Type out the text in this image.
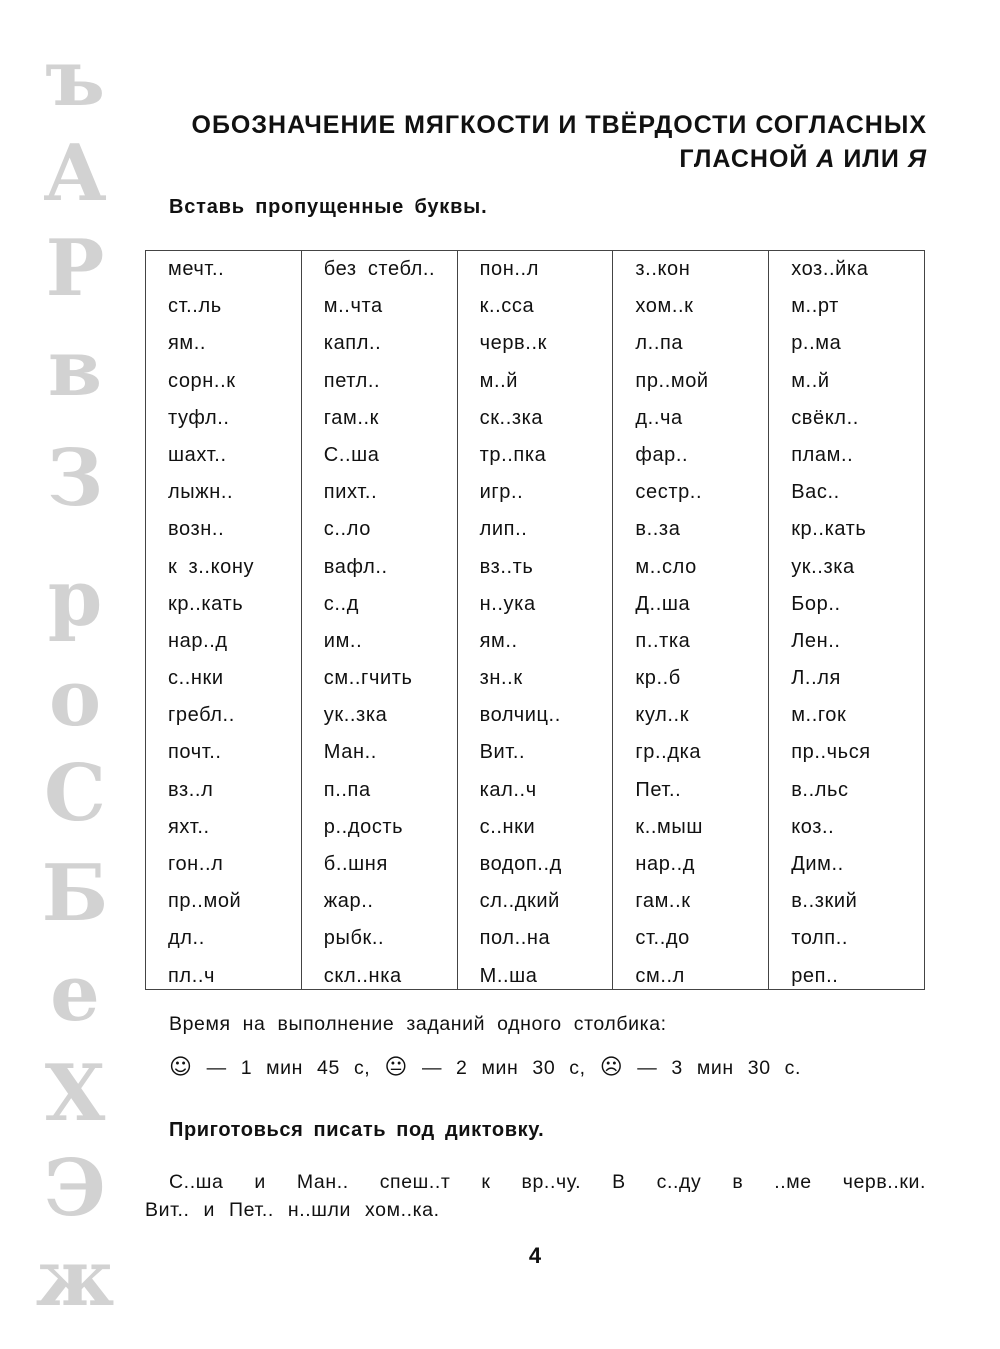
ъ
А
Р
в
З
р
о
С
Б
е
Х
Э
ж
ОБОЗНАЧЕНИЕ МЯГКОСТИ И ТВЁРДОСТИ СОГЛАСНЫХ
ГЛАСНОЙ А ИЛИ Я
Вставь пропущенные буквы.
мечт..
ст..ль
ям..
сорн..к
туфл..
шахт..
лыжн..
возн..
к з..кону
кр..кать
нар..д
с..нки
гребл..
почт..
вз..л
яхт..
гон..л
пр..мой
дл..
пл..ч
без стебл..
м..чта
капл..
петл..
гам..к
С..ша
пихт..
с..ло
вафл..
с..д
им..
см..гчить
ук..зка
Ман..
п..па
р..дость
б..шня
жар..
рыбк..
скл..нка
пон..л
к..сса
черв..к
м..й
ск..зка
тр..пка
игр..
лип..
вз..ть
н..ука
ям..
зн..к
волчиц..
Вит..
кал..ч
с..нки
водоп..д
сл..дкий
пол..на
М..ша
з..кон
хом..к
л..па
пр..мой
д..ча
фар..
сестр..
в..за
м..сло
Д..ша
п..тка
кр..б
кул..к
гр..дка
Пет..
к..мыш
нар..д
гам..к
ст..до
см..л
хоз..йка
м..рт
р..ма
м..й
свёкл..
плам..
Вас..
кр..кать
ук..зка
Бор..
Лен..
Л..ля
м..гок
пр..чься
в..льс
коз..
Дим..
в..зкий
толп..
реп..
Время на выполнение заданий одного столбика:
☺ — 1 мин 45 с, 😐 — 2 мин 30 с, ☹ — 3 мин 30 с.
Приготовься писать под диктовку.
С..ша и Ман.. спеш..т к вр..чу. В с..ду в ..ме черв..ки.
Вит.. и Пет.. н..шли хом..ка.
4
